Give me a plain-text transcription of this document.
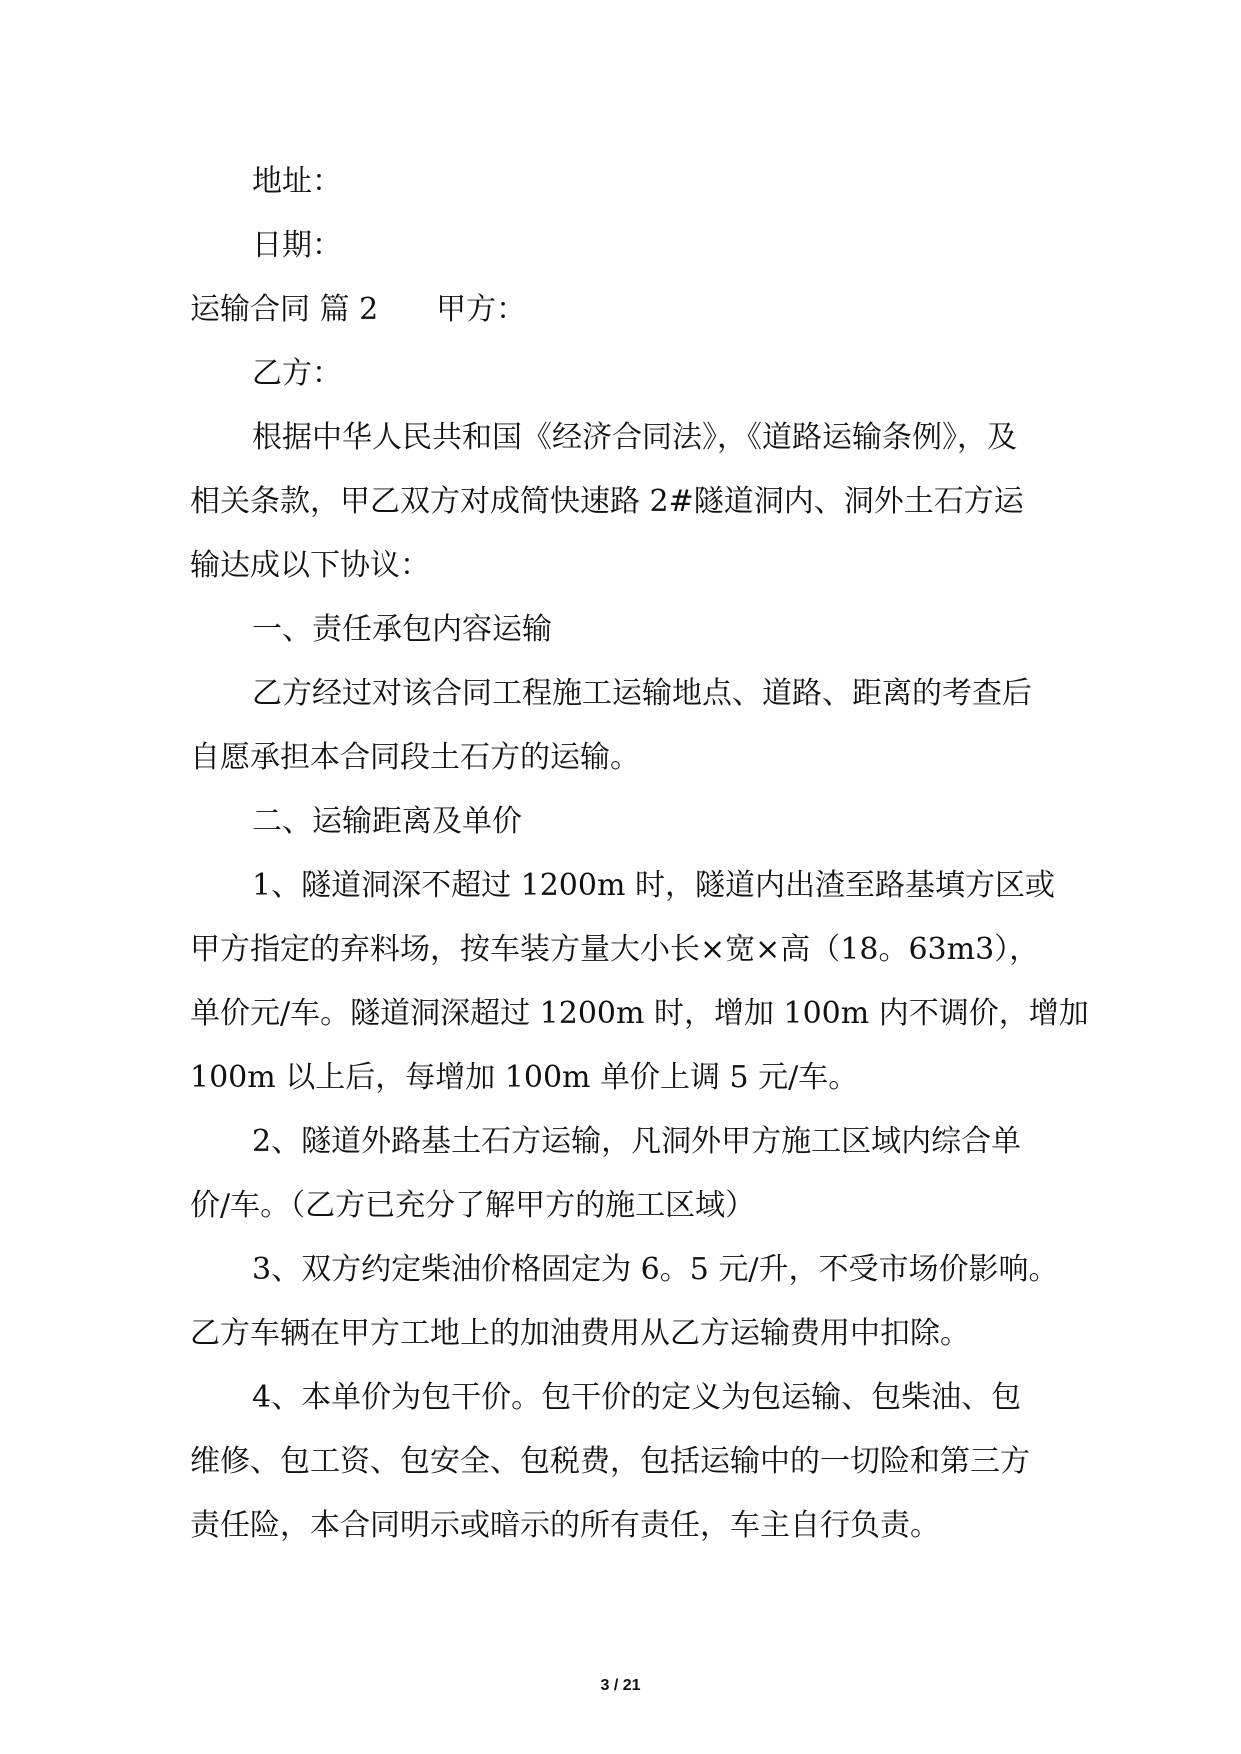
地址：
日期：
运输合同 篇 2 甲方：
乙方：
根据中华人民共和国《经济合同法》，《道路运输条例》，及
相关条款，甲乙双方对成简快速路 2#隧道洞内、洞外土石方运
输达成以下协议：
一、责任承包内容运输
乙方经过对该合同工程施工运输地点、道路、距离的考查后
自愿承担本合同段土石方的运输。
二、运输距离及单价
1、隧道洞深不超过 1200m 时，隧道内出渣至路基填方区或
甲方指定的弃料场，按车装方量大小长×宽×高（18。63m3），
单价元/车。隧道洞深超过 1200m 时，增加 100m 内不调价，增加
100m 以上后，每增加 100m 单价上调 5 元/车。
2、隧道外路基土石方运输，凡洞外甲方施工区域内综合单
价/车。（乙方已充分了解甲方的施工区域）
3、双方约定柴油价格固定为 6。5 元/升，不受市场价影响。
乙方车辆在甲方工地上的加油费用从乙方运输费用中扣除。
4、本单价为包干价。包干价的定义为包运输、包柴油、包
维修、包工资、包安全、包税费，包括运输中的一切险和第三方
责任险，本合同明示或暗示的所有责任，车主自行负责。
3 / 21
